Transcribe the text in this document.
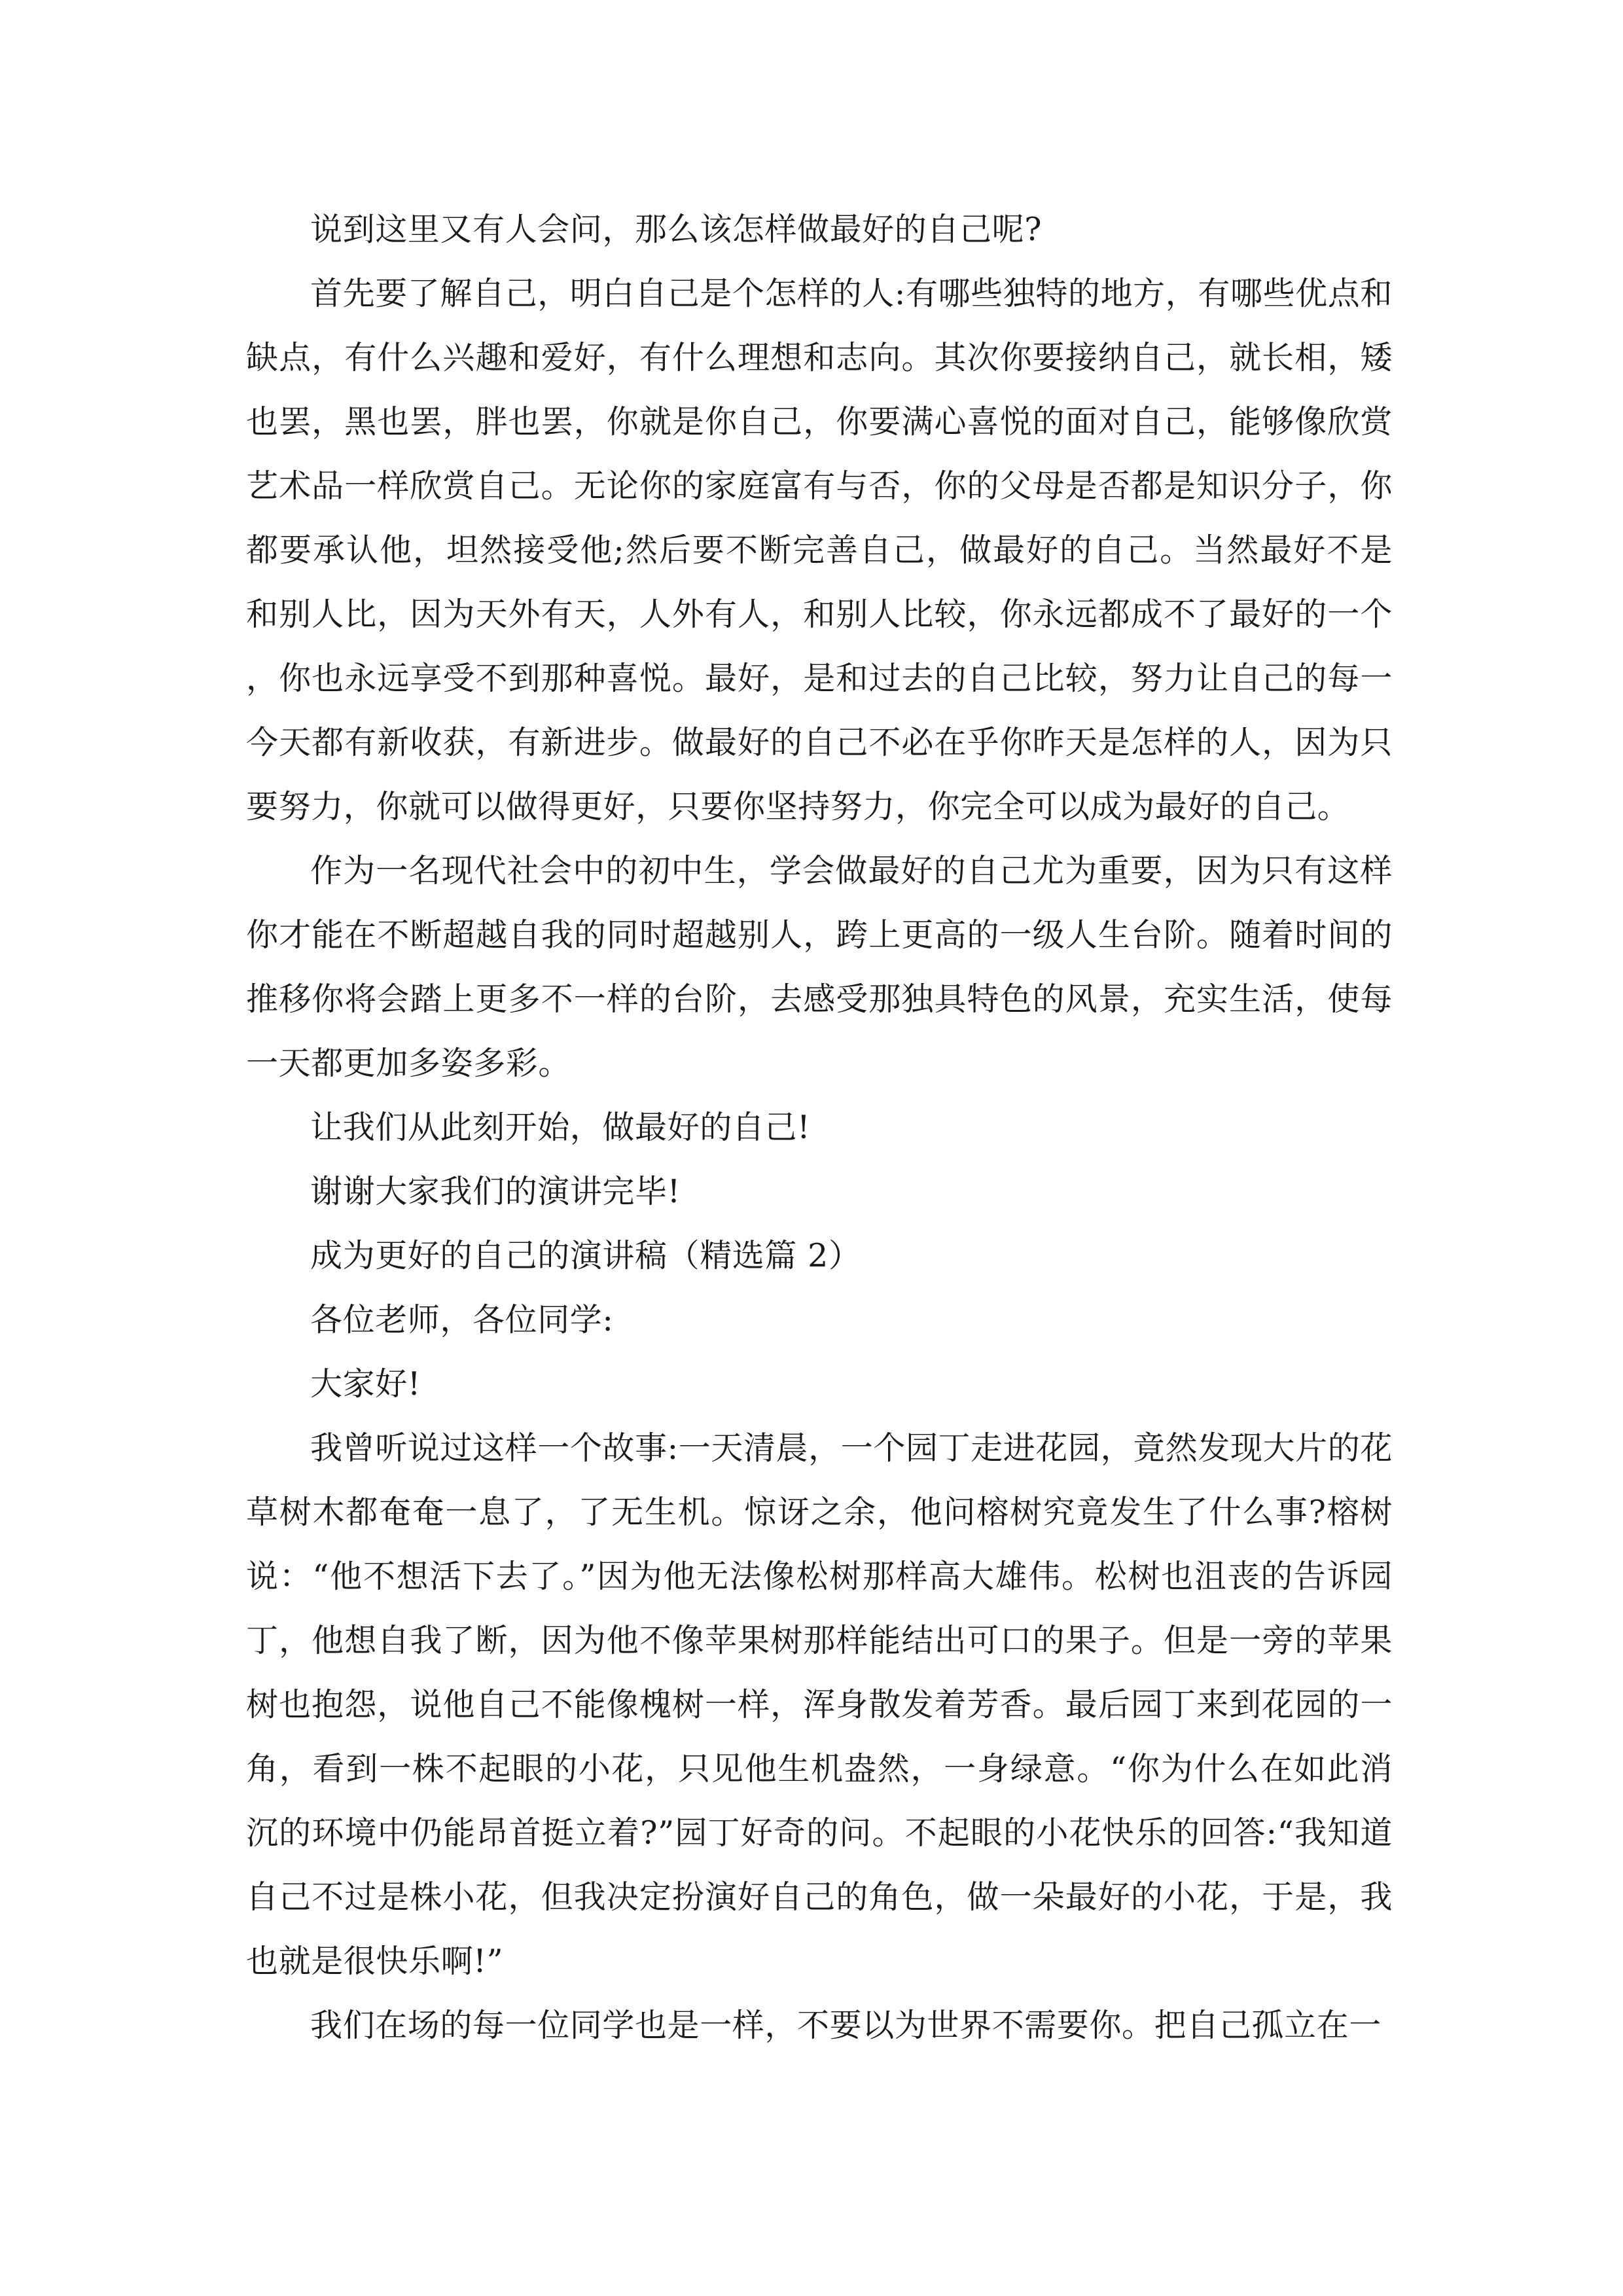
说到这里又有人会问，那么该怎样做最好的自己呢?

首先要了解自己，明白自己是个怎样的人:有哪些独特的地方，有哪些优点和缺点，有什么兴趣和爱好，有什么理想和志向。其次你要接纳自己，就长相，矮也罢，黑也罢，胖也罢，你就是你自己，你要满心喜悦的面对自己，能够像欣赏艺术品一样欣赏自己。无论你的家庭富有与否，你的父母是否都是知识分子，你都要承认他，坦然接受他;然后要不断完善自己，做最好的自己。当然最好不是和别人比，因为天外有天，人外有人，和别人比较，你永远都成不了最好的一个，你也永远享受不到那种喜悦。最好，是和过去的自己比较，努力让自己的每一今天都有新收获，有新进步。做最好的自己不必在乎你昨天是怎样的人，因为只要努力，你就可以做得更好，只要你坚持努力，你完全可以成为最好的自己。

作为一名现代社会中的初中生，学会做最好的自己尤为重要，因为只有这样你才能在不断超越自我的同时超越别人，跨上更高的一级人生台阶。随着时间的推移你将会踏上更多不一样的台阶，去感受那独具特色的风景，充实生活，使每一天都更加多姿多彩。

让我们从此刻开始，做最好的自己!

谢谢大家我们的演讲完毕!

成为更好的自己的演讲稿（精选篇 2）

各位老师，各位同学:

大家好!

我曾听说过这样一个故事:一天清晨，一个园丁走进花园，竟然发现大片的花草树木都奄奄一息了，了无生机。惊讶之余，他问榕树究竟发生了什么事?榕树说：“他不想活下去了。”因为他无法像松树那样高大雄伟。松树也沮丧的告诉园丁，他想自我了断，因为他不像苹果树那样能结出可口的果子。但是一旁的苹果树也抱怨，说他自己不能像槐树一样，浑身散发着芳香。最后园丁来到花园的一角，看到一株不起眼的小花，只见他生机盎然，一身绿意。“你为什么在如此消沉的环境中仍能昂首挺立着?”园丁好奇的问。不起眼的小花快乐的回答:“我知道自己不过是株小花，但我决定扮演好自己的角色，做一朵最好的小花，于是，我也就是很快乐啊!”

我们在场的每一位同学也是一样，不要以为世界不需要你。把自己孤立在一
